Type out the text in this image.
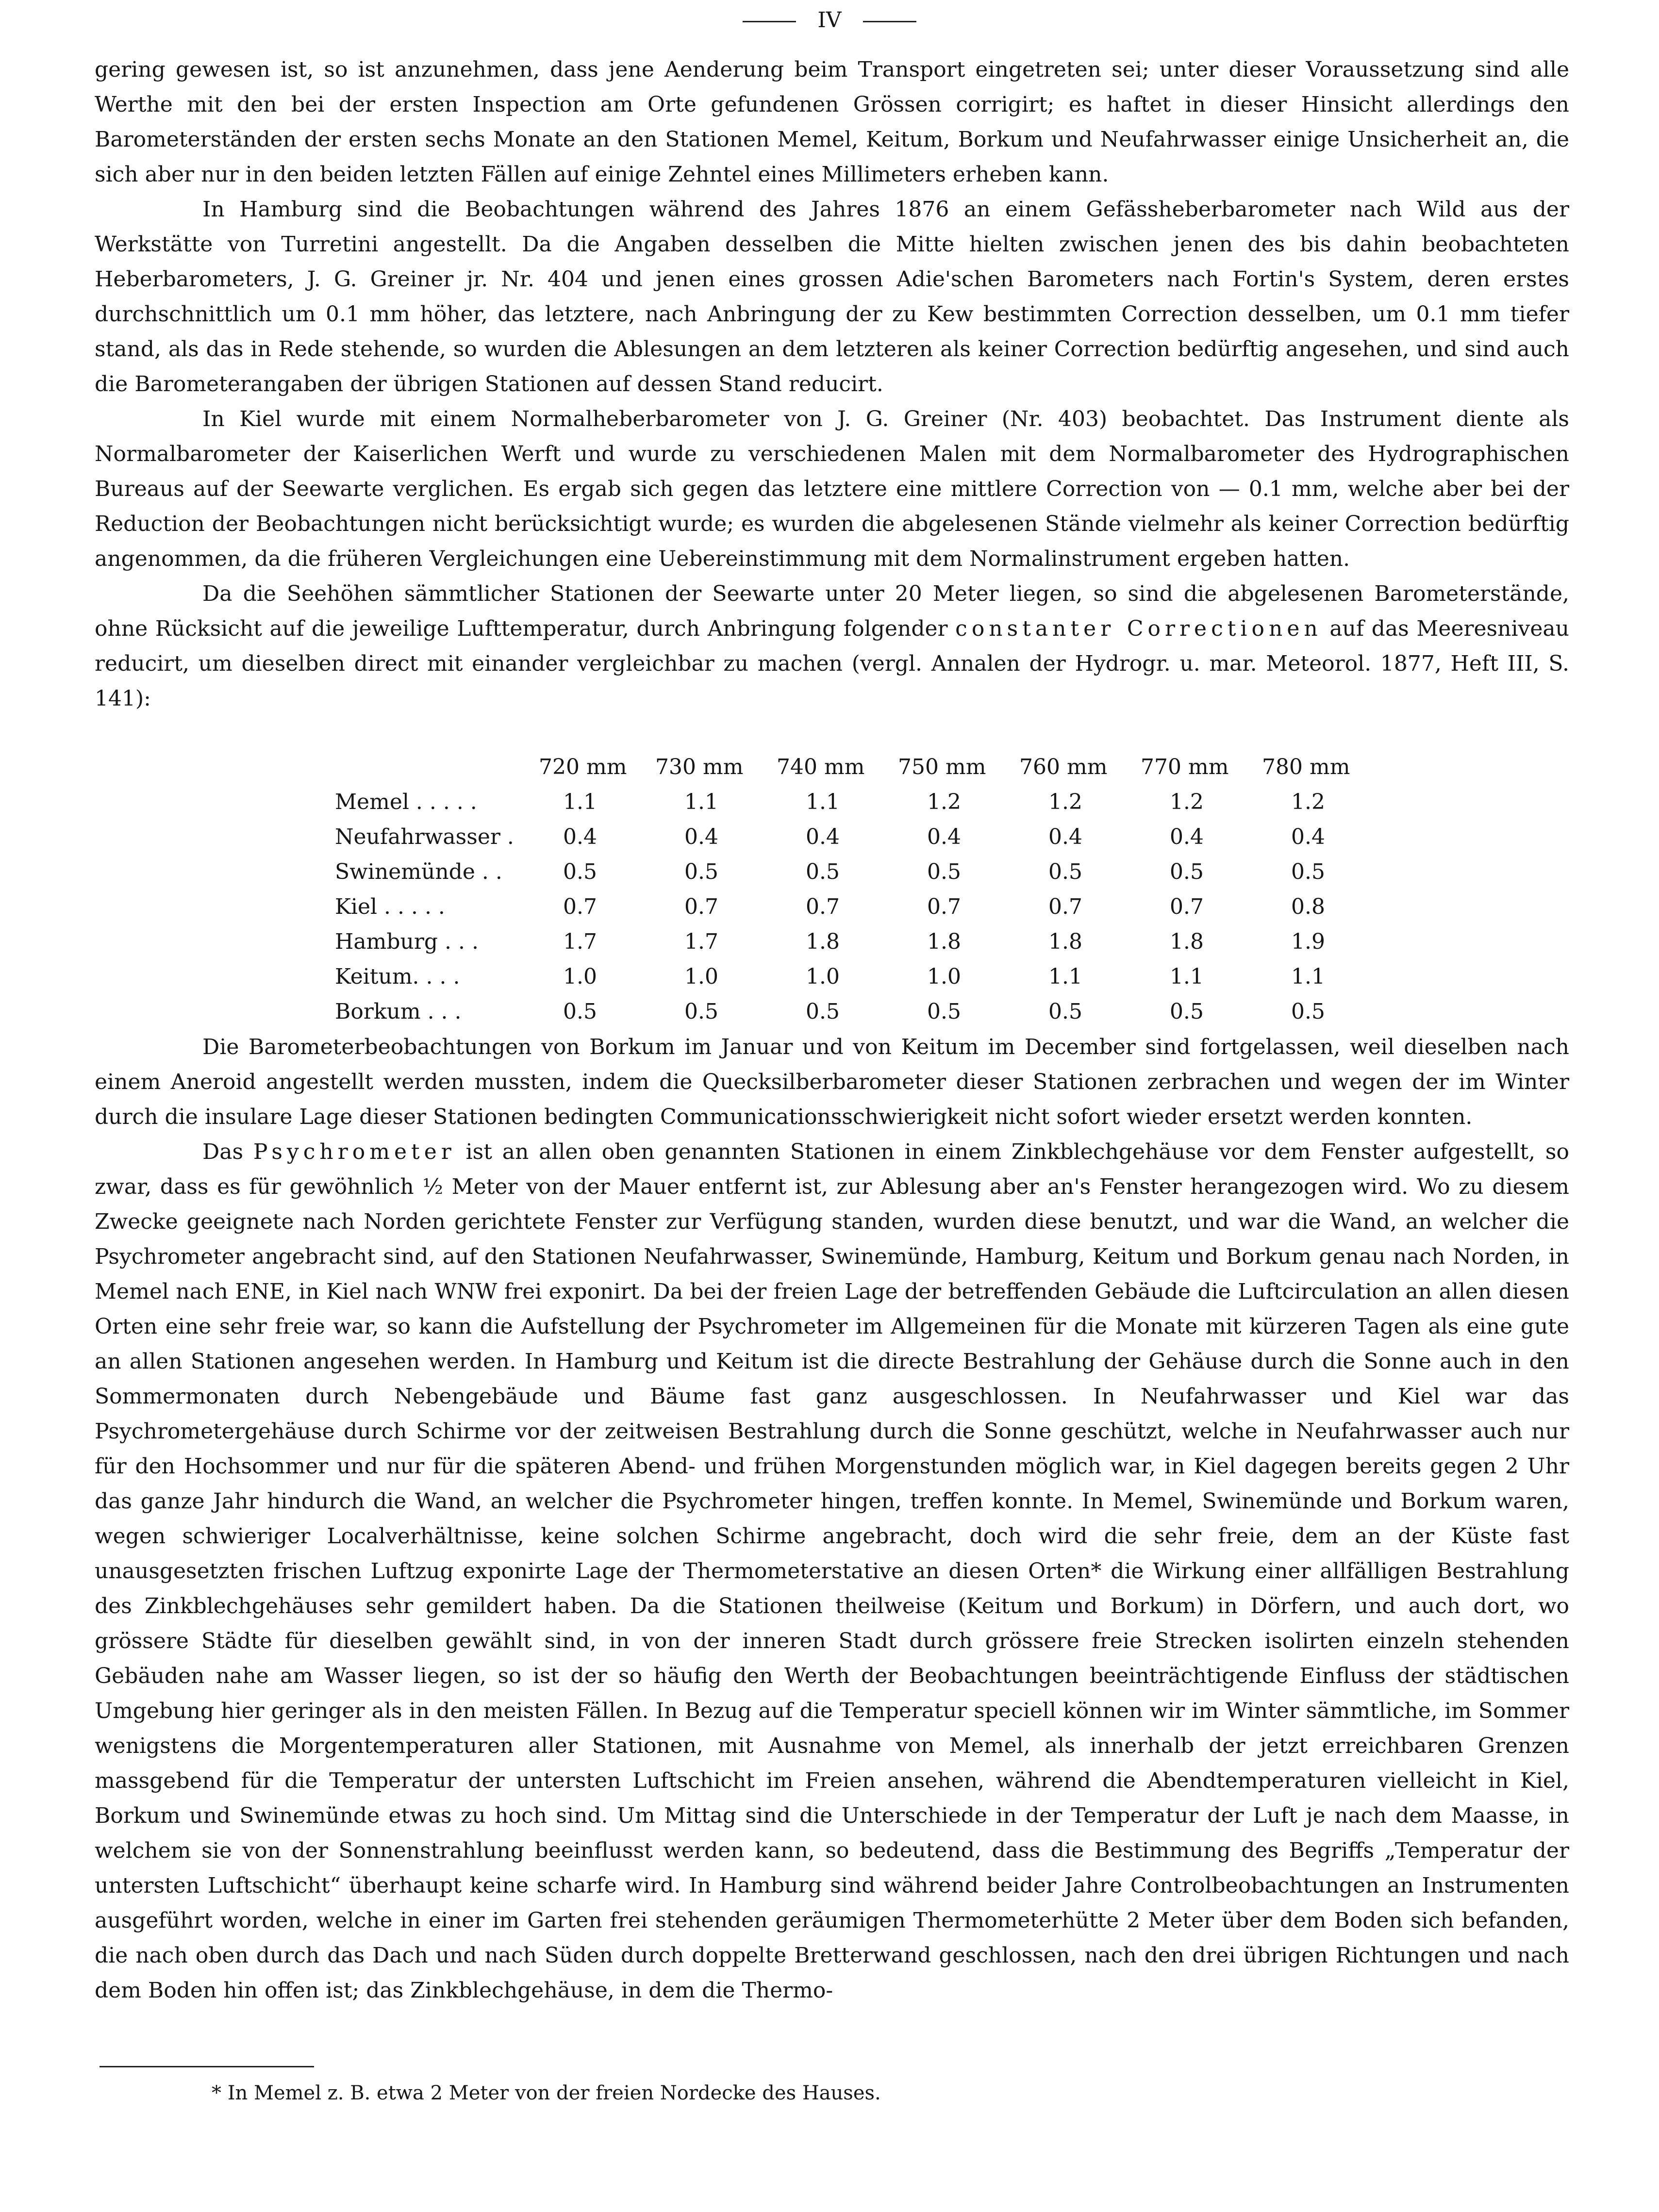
IV

gering gewesen ist, so ist anzunehmen, dass jene Aenderung beim Transport eingetreten sei; unter dieser Voraussetzung sind alle Werthe mit den bei der ersten Inspection am Orte gefundenen Grössen corrigirt; es haftet in dieser Hinsicht allerdings den Barometerständen der ersten sechs Monate an den Stationen Memel, Keitum, Borkum und Neufahrwasser einige Unsicherheit an, die sich aber nur in den beiden letzten Fällen auf einige Zehntel eines Millimeters erheben kann.

In Hamburg sind die Beobachtungen während des Jahres 1876 an einem Gefässheberbarometer nach Wild aus der Werkstätte von Turretini angestellt. Da die Angaben desselben die Mitte hielten zwischen jenen des bis dahin beobachteten Heberbarometers, J. G. Greiner jr. Nr. 404 und jenen eines grossen Adie'schen Barometers nach Fortin's System, deren erstes durchschnittlich um 0.1 mm höher, das letztere, nach Anbringung der zu Kew bestimmten Correction desselben, um 0.1 mm tiefer stand, als das in Rede stehende, so wurden die Ablesungen an dem letzteren als keiner Correction bedürftig angesehen, und sind auch die Barometerangaben der übrigen Stationen auf dessen Stand reducirt.

In Kiel wurde mit einem Normalheberbarometer von J. G. Greiner (Nr. 403) beobachtet. Das Instrument diente als Normalbarometer der Kaiserlichen Werft und wurde zu verschiedenen Malen mit dem Normalbarometer des Hydrographischen Bureaus auf der Seewarte verglichen. Es ergab sich gegen das letztere eine mittlere Correction von — 0.1 mm, welche aber bei der Reduction der Beobachtungen nicht berücksichtigt wurde; es wurden die abgelesenen Stände vielmehr als keiner Correction bedürftig angenommen, da die früheren Vergleichungen eine Uebereinstimmung mit dem Normalinstrument ergeben hatten.

Da die Seehöhen sämmtlicher Stationen der Seewarte unter 20 Meter liegen, so sind die abgelesenen Barometerstände, ohne Rücksicht auf die jeweilige Lufttemperatur, durch Anbringung folgender constanter Correctionen auf das Meeresniveau reducirt, um dieselben direct mit einander vergleichbar zu machen (vergl. Annalen der Hydrogr. u. mar. Meteorol. 1877, Heft III, S. 141):

720 mm 730 mm 740 mm 750 mm 760 mm 770 mm 780 mm
Memel . . . . .	1.1	1.1	1.1	1.2	1.2	1.2	1.2
Neufahrwasser .	0.4	0.4	0.4	0.4	0.4	0.4	0.4
Swinemünde . .	0.5	0.5	0.5	0.5	0.5	0.5	0.5
Kiel . . . . .	0.7	0.7	0.7	0.7	0.7	0.7	0.8
Hamburg . . .	1.7	1.7	1.8	1.8	1.8	1.8	1.9
Keitum. . . .	1.0	1.0	1.0	1.0	1.1	1.1	1.1
Borkum . . .	0.5	0.5	0.5	0.5	0.5	0.5	0.5

Die Barometerbeobachtungen von Borkum im Januar und von Keitum im December sind fortgelassen, weil dieselben nach einem Aneroid angestellt werden mussten, indem die Quecksilberbarometer dieser Stationen zerbrachen und wegen der im Winter durch die insulare Lage dieser Stationen bedingten Communicationsschwierigkeit nicht sofort wieder ersetzt werden konnten.

Das Psychrometer ist an allen oben genannten Stationen in einem Zinkblechgehäuse vor dem Fenster aufgestellt, so zwar, dass es für gewöhnlich ½ Meter von der Mauer entfernt ist, zur Ablesung aber an's Fenster herangezogen wird. Wo zu diesem Zwecke geeignete nach Norden gerichtete Fenster zur Verfügung standen, wurden diese benutzt, und war die Wand, an welcher die Psychrometer angebracht sind, auf den Stationen Neufahrwasser, Swinemünde, Hamburg, Keitum und Borkum genau nach Norden, in Memel nach ENE, in Kiel nach WNW frei exponirt. Da bei der freien Lage der betreffenden Gebäude die Luftcirculation an allen diesen Orten eine sehr freie war, so kann die Aufstellung der Psychrometer im Allgemeinen für die Monate mit kürzeren Tagen als eine gute an allen Stationen angesehen werden. In Hamburg und Keitum ist die directe Bestrahlung der Gehäuse durch die Sonne auch in den Sommermonaten durch Nebengebäude und Bäume fast ganz ausgeschlossen. In Neufahrwasser und Kiel war das Psychrometergehäuse durch Schirme vor der zeitweisen Bestrahlung durch die Sonne geschützt, welche in Neufahrwasser auch nur für den Hochsommer und nur für die späteren Abend- und frühen Morgenstunden möglich war, in Kiel dagegen bereits gegen 2 Uhr das ganze Jahr hindurch die Wand, an welcher die Psychrometer hingen, treffen konnte. In Memel, Swinemünde und Borkum waren, wegen schwieriger Localverhältnisse, keine solchen Schirme angebracht, doch wird die sehr freie, dem an der Küste fast unausgesetzten frischen Luftzug exponirte Lage der Thermometerstative an diesen Orten* die Wirkung einer allfälligen Bestrahlung des Zinkblechgehäuses sehr gemildert haben. Da die Stationen theilweise (Keitum und Borkum) in Dörfern, und auch dort, wo grössere Städte für dieselben gewählt sind, in von der inneren Stadt durch grössere freie Strecken isolirten einzeln stehenden Gebäuden nahe am Wasser liegen, so ist der so häufig den Werth der Beobachtungen beeinträchtigende Einfluss der städtischen Umgebung hier geringer als in den meisten Fällen. In Bezug auf die Temperatur speciell können wir im Winter sämmtliche, im Sommer wenigstens die Morgentemperaturen aller Stationen, mit Ausnahme von Memel, als innerhalb der jetzt erreichbaren Grenzen massgebend für die Temperatur der untersten Luftschicht im Freien ansehen, während die Abendtemperaturen vielleicht in Kiel, Borkum und Swinemünde etwas zu hoch sind. Um Mittag sind die Unterschiede in der Temperatur der Luft je nach dem Maasse, in welchem sie von der Sonnenstrahlung beeinflusst werden kann, so bedeutend, dass die Bestimmung des Begriffs „Temperatur der untersten Luftschicht“ überhaupt keine scharfe wird. In Hamburg sind während beider Jahre Controlbeobachtungen an Instrumenten ausgeführt worden, welche in einer im Garten frei stehenden geräumigen Thermometerhütte 2 Meter über dem Boden sich befanden, die nach oben durch das Dach und nach Süden durch doppelte Bretterwand geschlossen, nach den drei übrigen Richtungen und nach dem Boden hin offen ist; das Zinkblechgehäuse, in dem die Thermo-

* In Memel z. B. etwa 2 Meter von der freien Nordecke des Hauses.
